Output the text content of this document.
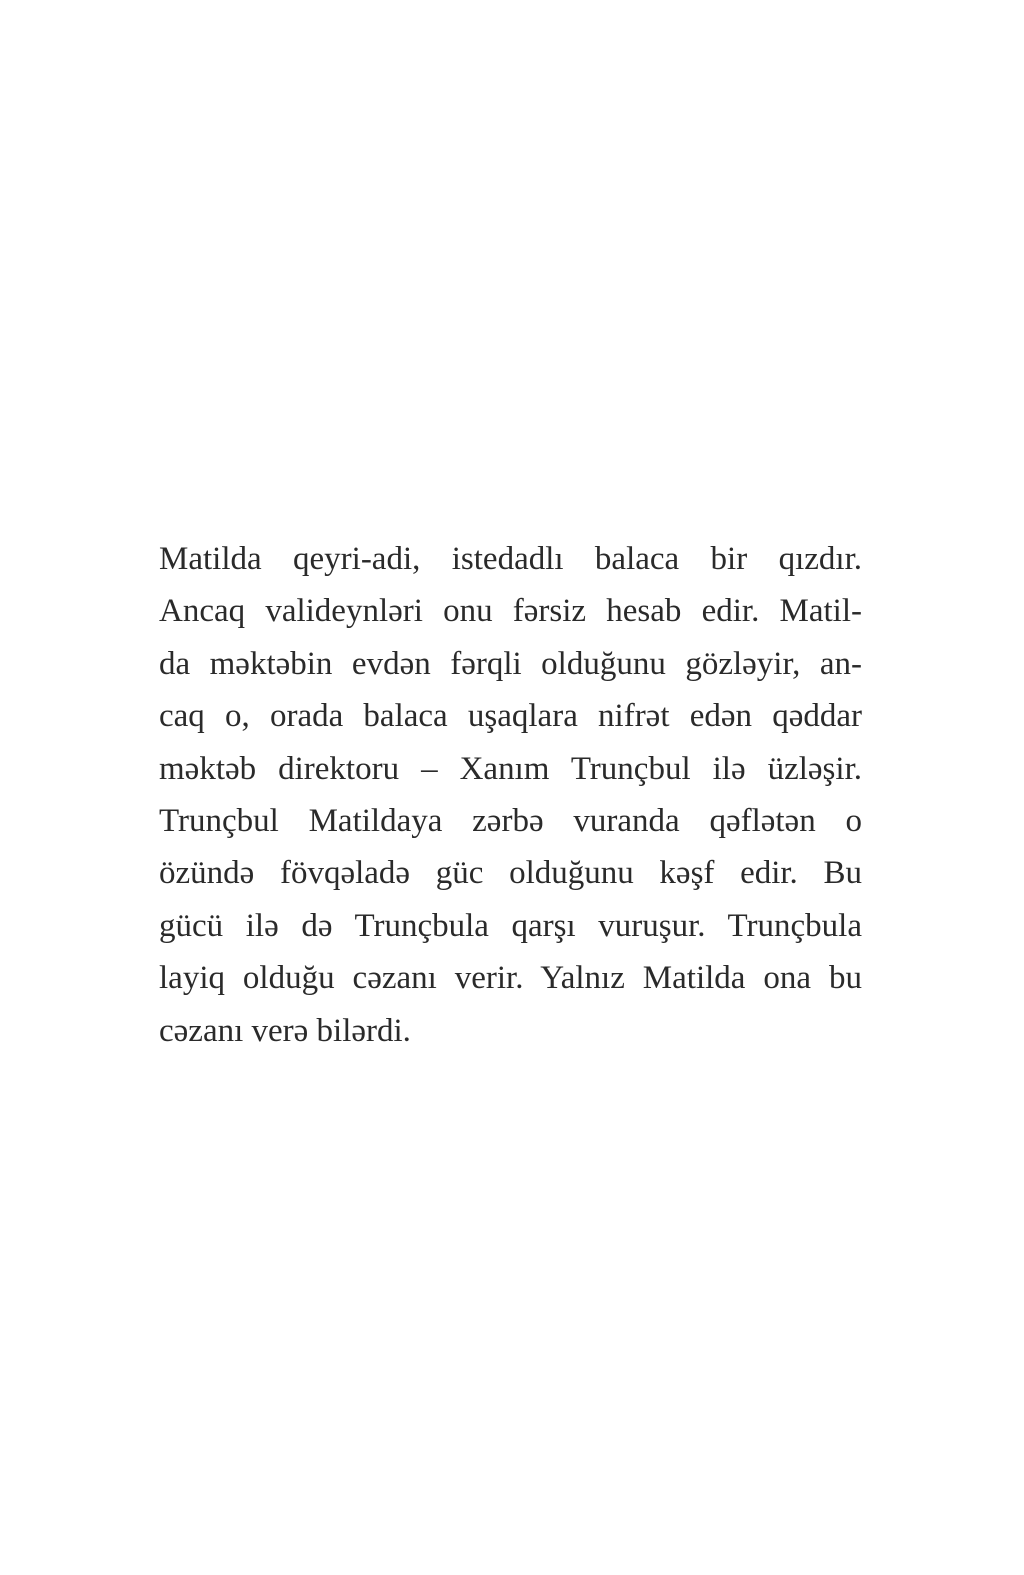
Matilda qeyri-adi, istedadlı balaca bir qızdır.
Ancaq valideynləri onu fərsiz hesab edir. Matil-
da məktəbin evdən fərqli olduğunu gözləyir, an-
caq o, orada balaca uşaqlara nifrət edən qəddar
məktəb direktoru – Xanım Trunçbul ilə üzləşir.
Trunçbul Matildaya zərbə vuranda qəflətən o
özündə fövqəladə güc olduğunu kəşf edir. Bu
gücü ilə də Trunçbula qarşı vuruşur. Trunçbula
layiq olduğu cəzanı verir. Yalnız Matilda ona bu
cəzanı verə bilərdi.
